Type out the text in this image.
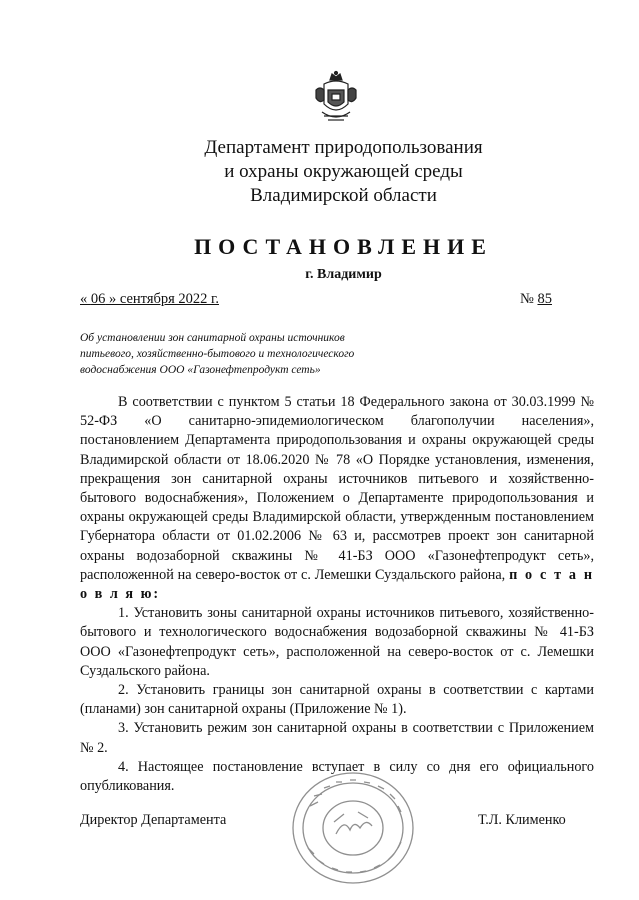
Департамент природопользования
и охраны окружающей среды
Владимирской области
ПОСТАНОВЛЕНИЕ
г. Владимир
« 06 » сентября 2022 г.	№ 85
Об установлении зон санитарной охраны источников
питьевого, хозяйственно-бытового и технологического
водоснабжения ООО «Газонефтепродукт сеть»

В соответствии с пунктом 5 статьи 18 Федерального закона от 30.03.1999 № 52-ФЗ «О санитарно-эпидемиологическом благополучии населения», постановлением Департамента природопользования и охраны окружающей среды Владимирской области от 18.06.2020 № 78 «О Порядке установления, изменения, прекращения зон санитарной охраны источников питьевого и хозяйственно-бытового водоснабжения», Положением о Департаменте природопользования и охраны окружающей среды Владимирской области, утвержденным постановлением Губернатора области от 01.02.2006 № 63 и, рассмотрев проект зон санитарной охраны водозаборной скважины № 41-БЗ ООО «Газонефтепродукт сеть», расположенной на северо-восток от с. Лемешки Суздальского района, п о с т а н о в л я ю:

1. Установить зоны санитарной охраны источников питьевого, хозяйственно-бытового и технологического водоснабжения водозаборной скважины № 41-БЗ ООО «Газонефтепродукт сеть», расположенной на северо-восток от с. Лемешки Суздальского района.

2. Установить границы зон санитарной охраны в соответствии с картами (планами) зон санитарной охраны (Приложение № 1).

3. Установить режим зон санитарной охраны в соответствии с Приложением № 2.

4. Настоящее постановление вступает в силу со дня его официального опубликования.

Директор Департамента	Т.Л. Клименко
